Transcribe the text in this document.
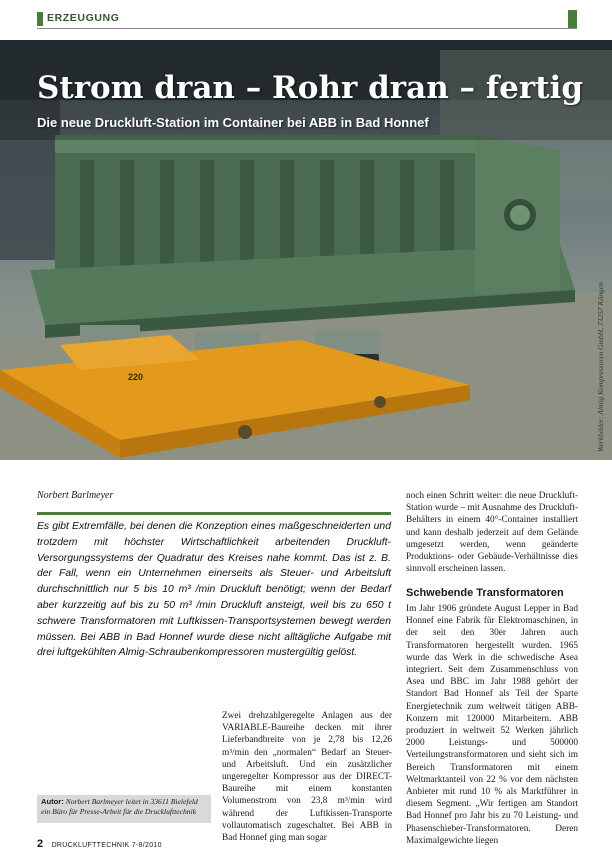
ERZEUGUNG
220
Strom dran – Rohr dran – fertig
Die neue Druckluft-Station im Container bei ABB in Bad Honnef
Werkbilder: Almig Kompressoren GmbH, 73257 Köngen
Norbert Barlmeyer
Es gibt Extremfälle, bei denen die Konzeption eines maßgeschneiderten und trotzdem mit höchster Wirtschaftlichkeit arbeitenden Druckluft-Versorgungssystems der Quadratur des Kreises nahe kommt. Das ist z. B. der Fall, wenn ein Unternehmen einerseits als Steuer- und Arbeitsluft durchschnittlich nur 5 bis 10 m³ /min Druckluft benötigt; wenn der Bedarf aber kurzzeitig auf bis zu 50 m³ /min Druckluft ansteigt, weil bis zu 650 t schwere Transformatoren mit Luftkissen-Transportsystemen bewegt werden müssen. Bei ABB in Bad Honnef wurde diese nicht alltägliche Aufgabe mit drei luftgekühlten Almig-Schraubenkompressoren mustergültig gelöst.
Zwei drehzahlgeregelte Anlagen aus der VARIABLE-Baureihe decken mit ihrer Lieferbandbreite von je 2,78 bis 12,26 m³/min den „normalen“ Bedarf an Steuer- und Arbeitsluft. Und ein zusätzlicher ungeregelter Kompressor aus der DIRECT-Baureihe mit einem konstanten Volumenstrom von 23,8 m³/min wird während der Luftkissen-Transporte vollautomatisch zugeschaltet. Bei ABB in Bad Honnef ging man sogar
noch einen Schritt weiter: die neue Druckluft-Station wurde – mit Ausnahme des Druckluft-Behälters in einem 40°-Container installiert und kann deshalb jederzeit auf dem Gelände umgesetzt werden, wenn geänderte Produktions- oder Gebäude-Verhältnisse dies sinnvoll erscheinen lassen.
Schwebende Transformatoren
Im Jahr 1906 gründete August Lepper in Bad Honnef eine Fabrik für Elektromaschinen, in der seit den 30er Jahren auch Transformatoren hergestellt wurden. 1965 wurde das Werk in die schwedische Asea integriert. Seit dem Zusammenschluss von Asea und BBC im Jahr 1988 gehört der Standort Bad Honnef als Teil der Sparte Energietechnik zum weltweit tätigen ABB-Konzern mit 120000 Mitarbeitern. ABB produziert in weltweit 52 Werken jährlich 2000 Leistungs- und 500000 Verteilungstransformatoren und sieht sich im Bereich Transformatoren mit einem Weltmarktanteil von 22 % vor dem nächsten Anbieter mit rund 10 % als Marktführer in diesem Segment. „Wir fertigen am Standort Bad Honnef pro Jahr bis zu 70 Leistung- und Phasenschieber-Transformatoren. Deren Maximalgewichte liegen
Autor: Norbert Barlmeyer leitet in 33611 Bielefeld ein Büro für Presse-Arbeit für die Drucklufttechnik
2 DRUCKLUFTTECHNIK 7-8/2010
